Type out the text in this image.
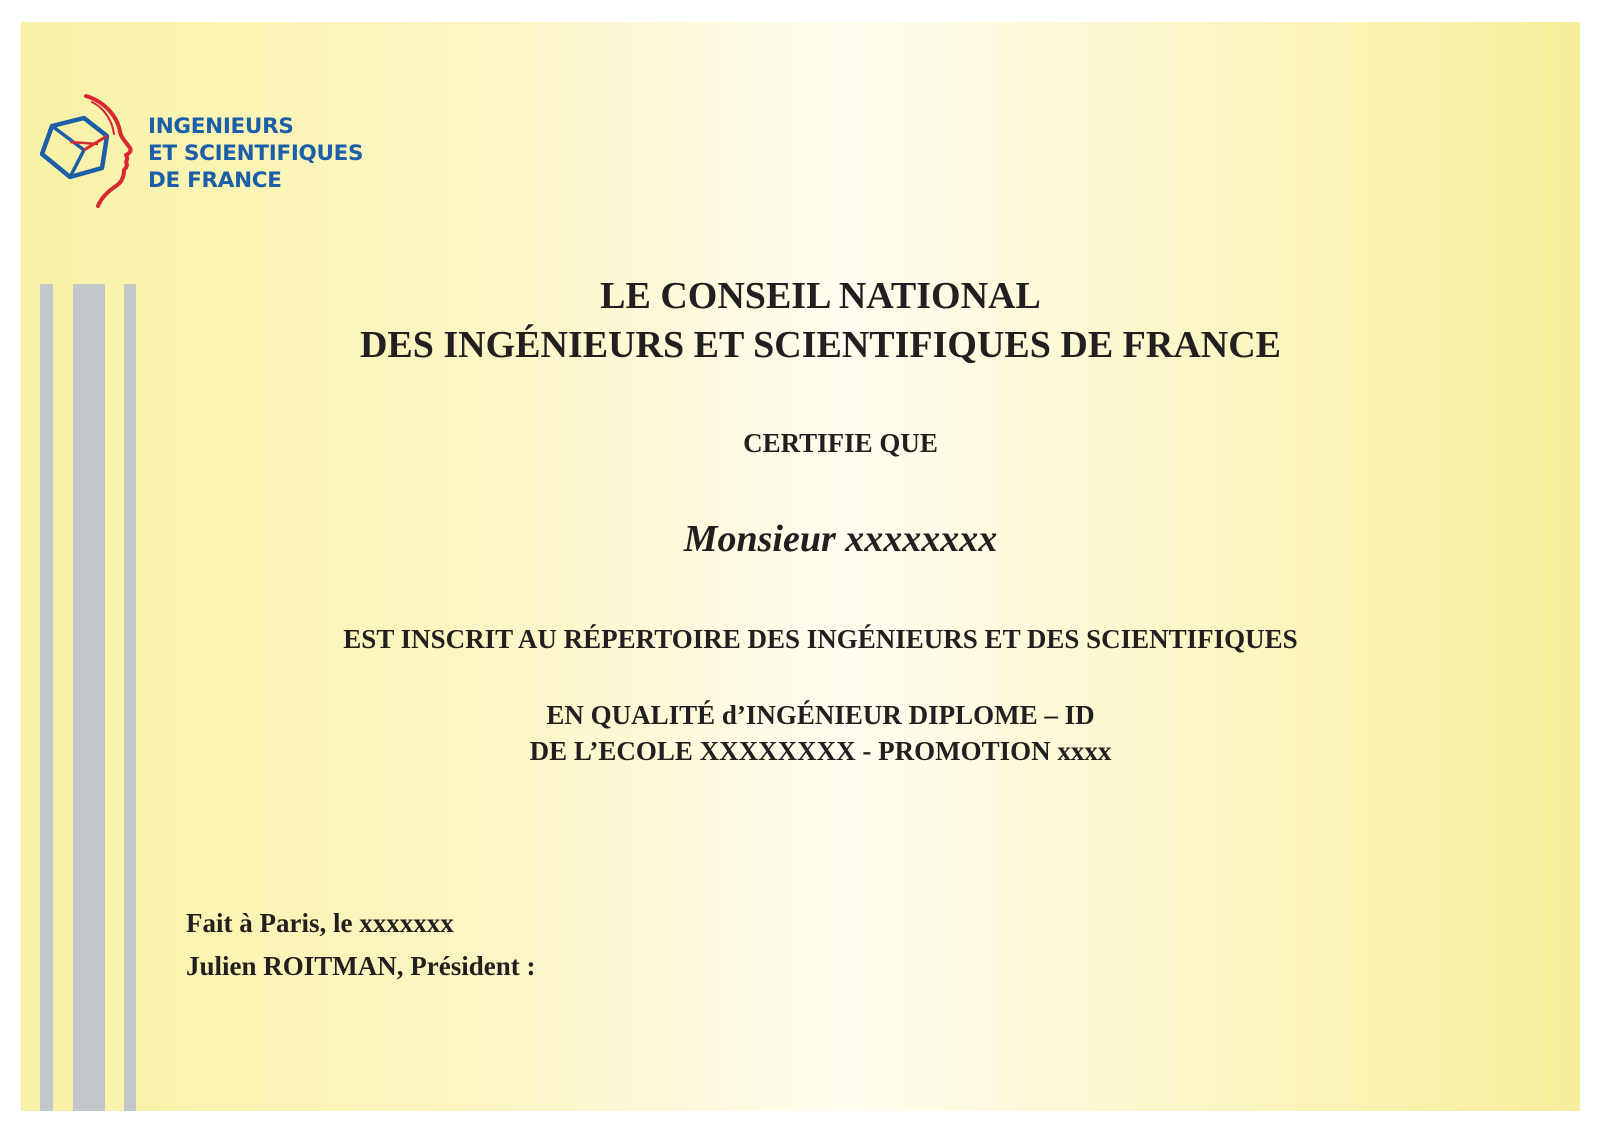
INGENIEURS
ET SCIENTIFIQUES
DE FRANCE
LE CONSEIL NATIONAL
DES INGÉNIEURS ET SCIENTIFIQUES DE FRANCE
CERTIFIE QUE
Monsieur xxxxxxxx
EST INSCRIT AU RÉPERTOIRE DES INGÉNIEURS ET DES SCIENTIFIQUES
EN QUALITÉ d’INGÉNIEUR DIPLOME – ID
DE L’ECOLE XXXXXXXX - PROMOTION xxxx
Fait à Paris, le xxxxxxx
Julien ROITMAN, Président :
